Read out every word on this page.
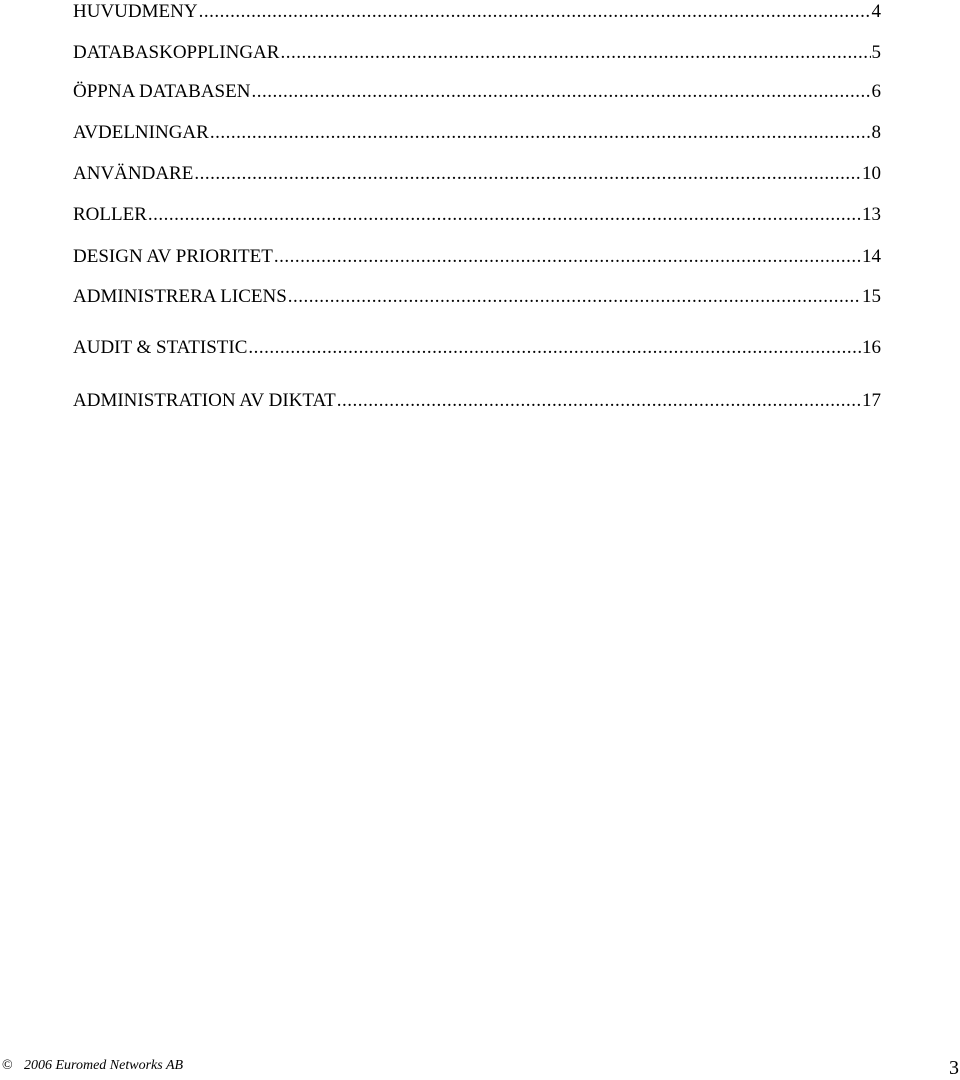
HUVUDMENY .....	4
DATABASKOPPLINGAR .....	5
ÖPPNA DATABASEN .....	6
AVDELNINGAR .....	8
ANVÄNDARE .....	10
ROLLER .....	13
DESIGN AV PRIORITET .....	14
ADMINISTRERA LICENS .....	15
AUDIT & STATISTIC .....	16
ADMINISTRATION AV DIKTAT .....	17
© 2006 Euromed Networks AB	3
